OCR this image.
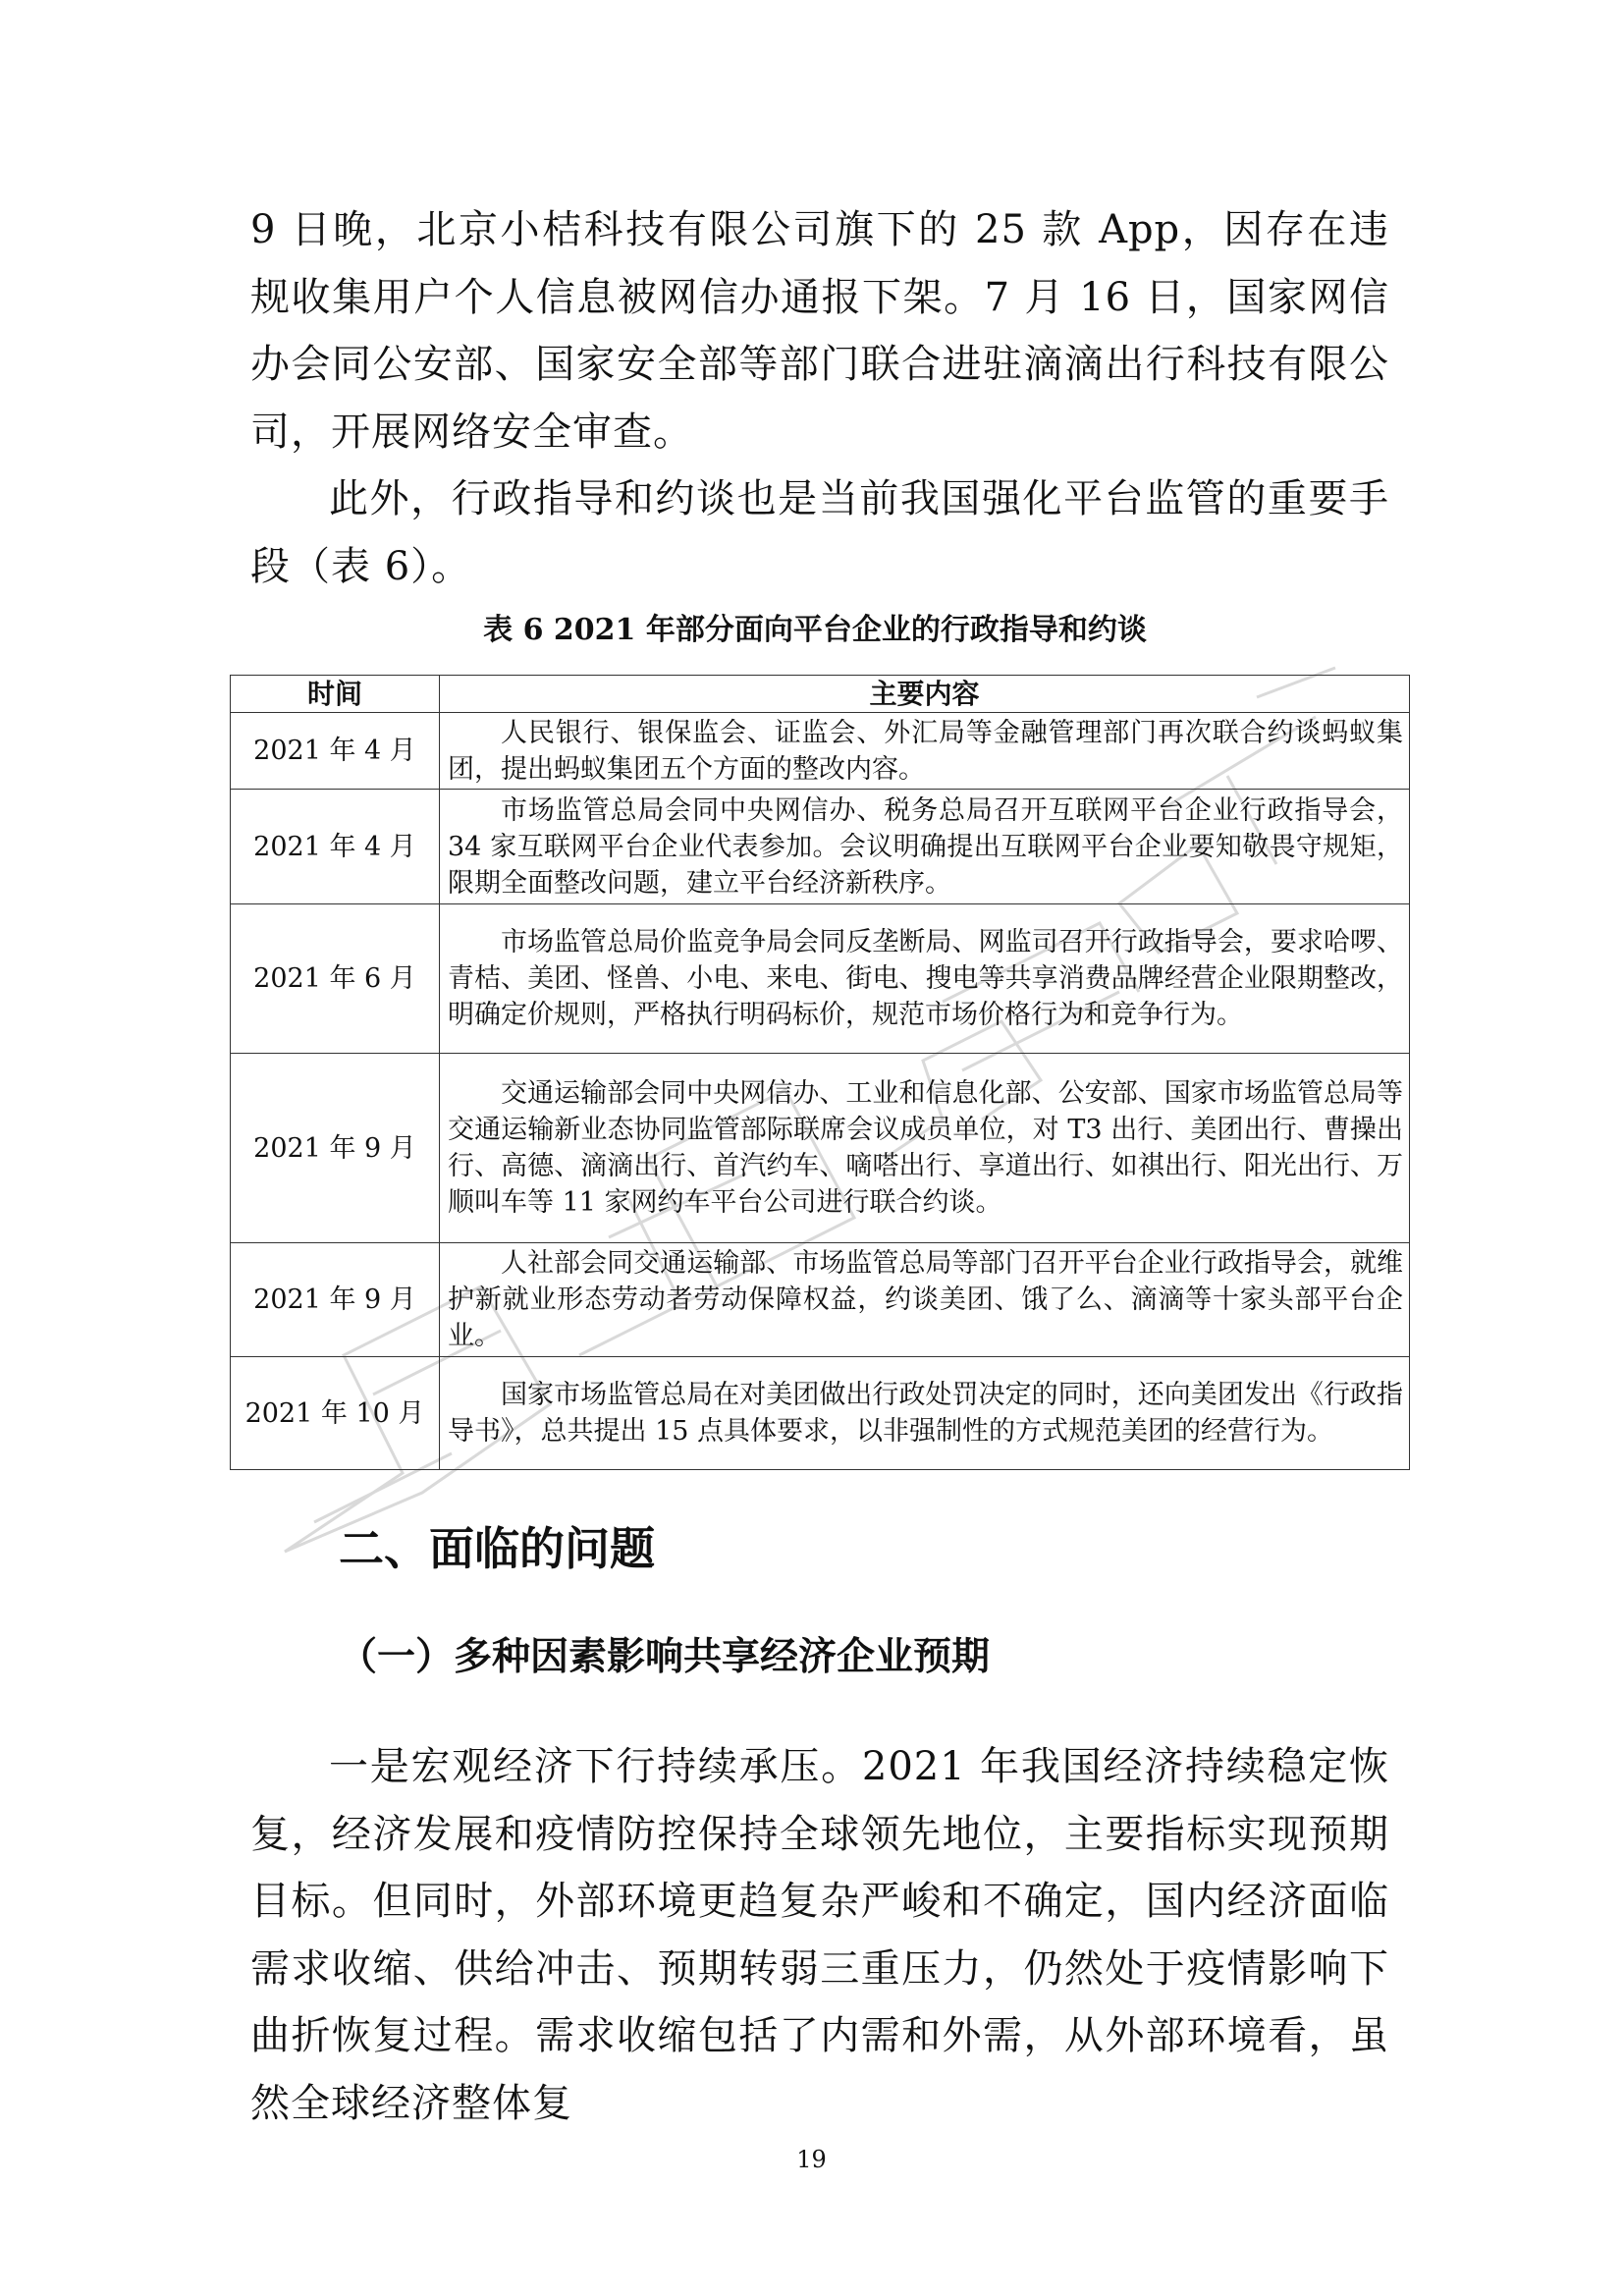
9 日晚，北京小桔科技有限公司旗下的 25 款 App，因存在违规收集用户个人信息被网信办通报下架。7 月 16 日，国家网信办会同公安部、国家安全部等部门联合进驻滴滴出行科技有限公司，开展网络安全审查。

此外，行政指导和约谈也是当前我国强化平台监管的重要手段（表 6）。

表 6 2021 年部分面向平台企业的行政指导和约谈
时间	主要内容
2021 年 4 月	人民银行、银保监会、证监会、外汇局等金融管理部门再次联合约谈蚂蚁集团，提出蚂蚁集团五个方面的整改内容。
2021 年 4 月	市场监管总局会同中央网信办、税务总局召开互联网平台企业行政指导会，34 家互联网平台企业代表参加。会议明确提出互联网平台企业要知敬畏守规矩，限期全面整改问题，建立平台经济新秩序。
2021 年 6 月	市场监管总局价监竞争局会同反垄断局、网监司召开行政指导会，要求哈啰、青桔、美团、怪兽、小电、来电、街电、搜电等共享消费品牌经营企业限期整改，明确定价规则，严格执行明码标价，规范市场价格行为和竞争行为。
2021 年 9 月	交通运输部会同中央网信办、工业和信息化部、公安部、国家市场监管总局等交通运输新业态协同监管部际联席会议成员单位，对 T3 出行、美团出行、曹操出行、高德、滴滴出行、首汽约车、嘀嗒出行、享道出行、如祺出行、阳光出行、万顺叫车等 11 家网约车平台公司进行联合约谈。
2021 年 9 月	人社部会同交通运输部、市场监管总局等部门召开平台企业行政指导会，就维护新就业形态劳动者劳动保障权益，约谈美团、饿了么、滴滴等十家头部平台企业。
2021 年 10 月	国家市场监管总局在对美团做出行政处罚决定的同时，还向美团发出《行政指导书》，总共提出 15 点具体要求，以非强制性的方式规范美团的经营行为。
二、面临的问题
（一）多种因素影响共享经济企业预期

一是宏观经济下行持续承压。2021 年我国经济持续稳定恢复，经济发展和疫情防控保持全球领先地位，主要指标实现预期目标。但同时，外部环境更趋复杂严峻和不确定，国内经济面临需求收缩、供给冲击、预期转弱三重压力，仍然处于疫情影响下曲折恢复过程。需求收缩包括了内需和外需，从外部环境看，虽然全球经济整体复

19
